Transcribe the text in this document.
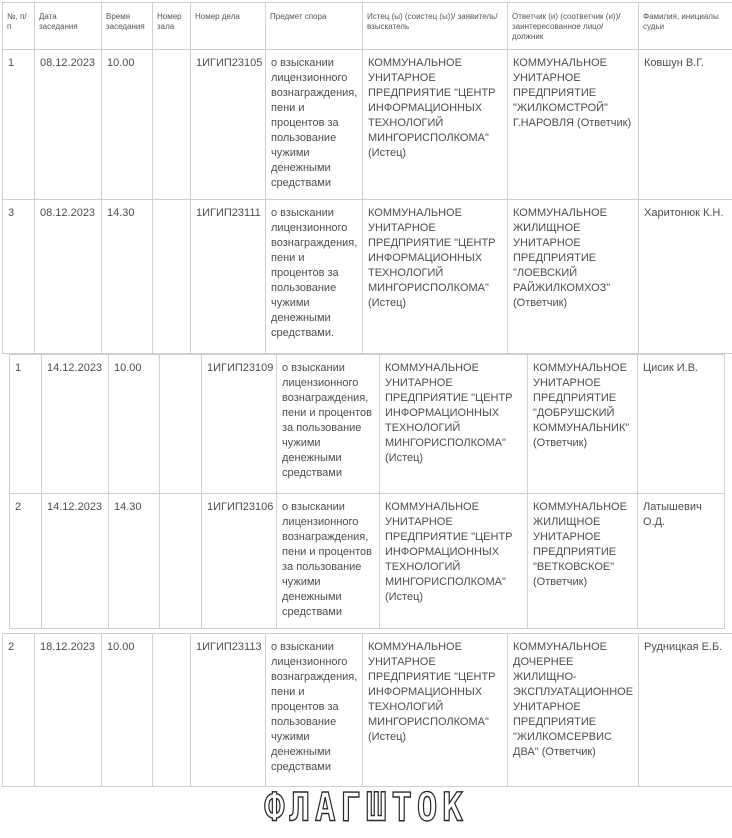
№, п/п	Дата заседания	Время заседания	Номер зала	Номер дела	Предмет спора	Истец (ы) (соистец (ы))/ заявитель/взыскатель	Ответчик (и) (соответчик (и))/ заинтересованное лицо/ должник	Фамилия, инициалы судьи
1	08.12.2023	10.00		1ИГИП23105	о взыскании лицензионного вознаграждения, пени и процентов за пользование чужими денежными средствами	КОММУНАЛЬНОЕ УНИТАРНОЕ ПРЕДПРИЯТИЕ "ЦЕНТР ИНФОРМАЦИОННЫХ ТЕХНОЛОГИЙ МИНГОРИСПОЛКОМА" (Истец)	КОММУНАЛЬНОЕ УНИТАРНОЕ ПРЕДПРИЯТИЕ "ЖИЛКОМСТРОЙ" Г.НАРОВЛЯ (Ответчик)	Ковшун В.Г.
3	08.12.2023	14.30		1ИГИП23111	о взыскании лицензионного вознаграждения, пени и процентов за пользование чужими денежными средствами.	КОММУНАЛЬНОЕ УНИТАРНОЕ ПРЕДПРИЯТИЕ "ЦЕНТР ИНФОРМАЦИОННЫХ ТЕХНОЛОГИЙ МИНГОРИСПОЛКОМА" (Истец)	КОММУНАЛЬНОЕ ЖИЛИЩНОЕ УНИТАРНОЕ ПРЕДПРИЯТИЕ "ЛОЕВСКИЙ РАЙЖИЛКОМХОЗ" (Ответчик)	Харитонюк К.Н.
1	14.12.2023	10.00		1ИГИП23109	о взыскании лицензионного вознаграждения, пени и процентов за пользование чужими денежными средствами	КОММУНАЛЬНОЕ УНИТАРНОЕ ПРЕДПРИЯТИЕ "ЦЕНТР ИНФОРМАЦИОННЫХ ТЕХНОЛОГИЙ МИНГОРИСПОЛКОМА" (Истец)	КОММУНАЛЬНОЕ УНИТАРНОЕ ПРЕДПРИЯТИЕ "ДОБРУШСКИЙ КОММУНАЛЬНИК" (Ответчик)	Цисик И.В.
2	14.12.2023	14.30		1ИГИП23106	о взыскании лицензионного вознаграждения, пени и процентов за пользование чужими денежными средствами	КОММУНАЛЬНОЕ УНИТАРНОЕ ПРЕДПРИЯТИЕ "ЦЕНТР ИНФОРМАЦИОННЫХ ТЕХНОЛОГИЙ МИНГОРИСПОЛКОМА" (Истец)	КОММУНАЛЬНОЕ ЖИЛИЩНОЕ УНИТАРНОЕ ПРЕДПРИЯТИЕ "ВЕТКОВСКОЕ" (Ответчик)	Латышевич О.Д.
2	18.12.2023	10.00		1ИГИП23113	о взыскании лицензионного вознаграждения, пени и процентов за пользование чужими денежными средствами	КОММУНАЛЬНОЕ УНИТАРНОЕ ПРЕДПРИЯТИЕ "ЦЕНТР ИНФОРМАЦИОННЫХ ТЕХНОЛОГИЙ МИНГОРИСПОЛКОМА" (Истец)	КОММУНАЛЬНОЕ ДОЧЕРНЕЕ ЖИЛИЩНО-ЭКСПЛУАТАЦИОННОЕ УНИТАРНОЕ ПРЕДПРИЯТИЕ "ЖИЛКОМСЕРВИС ДВА" (Ответчик)	Рудницкая Е.Б.
ФЛАГШТОК
